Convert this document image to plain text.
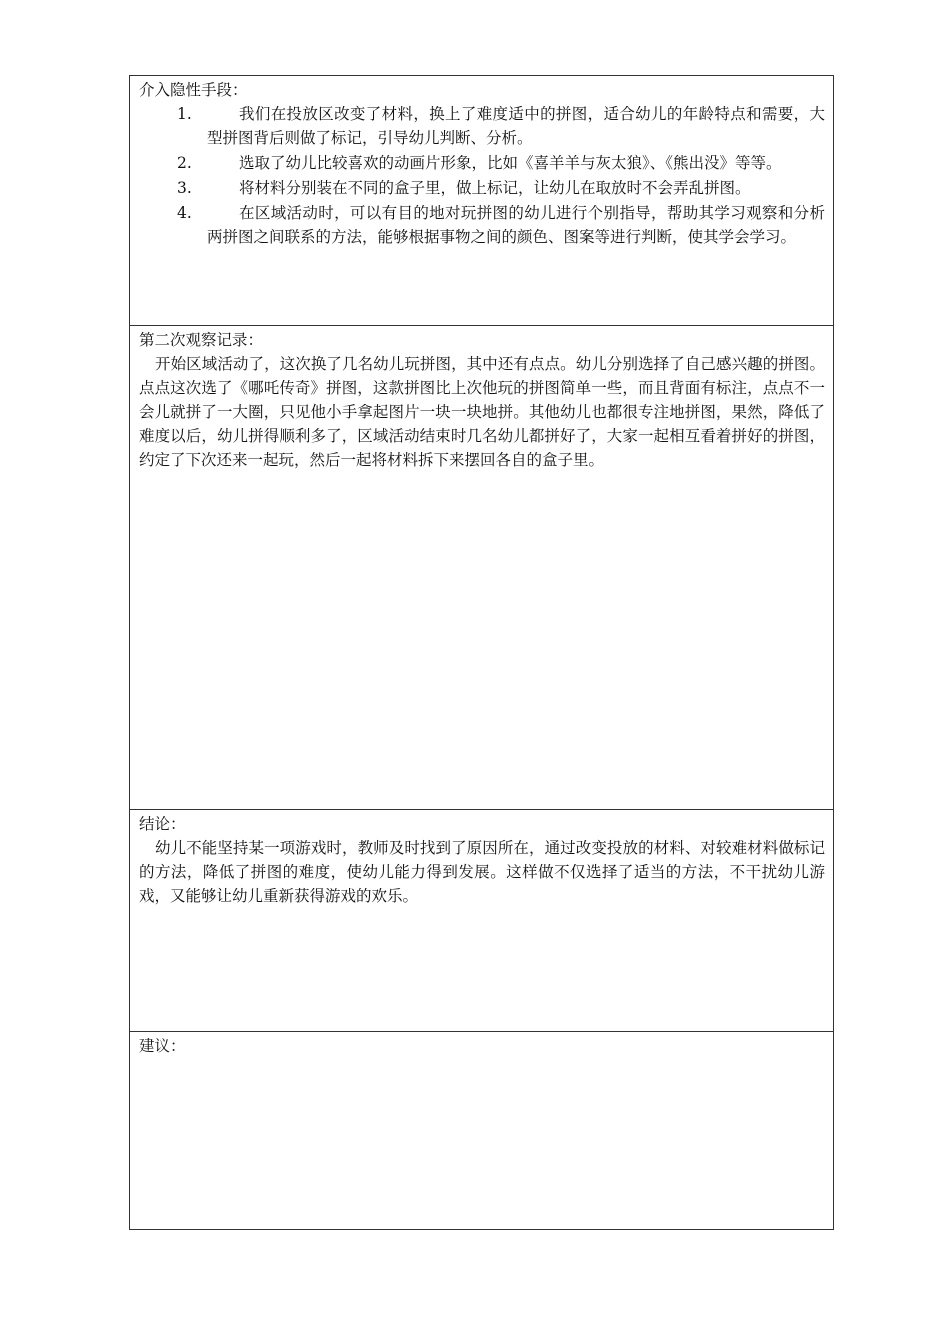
介入隐性手段：
1.	我们在投放区改变了材料，换上了难度适中的拼图，适合幼儿的年龄特点和需要，大型拼图背后则做了标记，引导幼儿判断、分析。
2.	选取了幼儿比较喜欢的动画片形象，比如《喜羊羊与灰太狼》、《熊出没》等等。
3.	将材料分别装在不同的盒子里，做上标记，让幼儿在取放时不会弄乱拼图。
4.	在区域活动时，可以有目的地对玩拼图的幼儿进行个别指导，帮助其学习观察和分析两拼图之间联系的方法，能够根据事物之间的颜色、图案等进行判断，使其学会学习。
第二次观察记录：

开始区域活动了，这次换了几名幼儿玩拼图，其中还有点点。幼儿分别选择了自己感兴趣的拼图。点点这次选了《哪吒传奇》拼图，这款拼图比上次他玩的拼图简单一些，而且背面有标注，点点不一会儿就拼了一大圈，只见他小手拿起图片一块一块地拼。其他幼儿也都很专注地拼图，果然，降低了难度以后，幼儿拼得顺利多了，区域活动结束时几名幼儿都拼好了，大家一起相互看着拼好的拼图，约定了下次还来一起玩，然后一起将材料拆下来摆回各自的盒子里。

结论：

幼儿不能坚持某一项游戏时，教师及时找到了原因所在，通过改变投放的材料、对较难材料做标记的方法，降低了拼图的难度，使幼儿能力得到发展。这样做不仅选择了适当的方法，不干扰幼儿游戏，又能够让幼儿重新获得游戏的欢乐。

建议：
